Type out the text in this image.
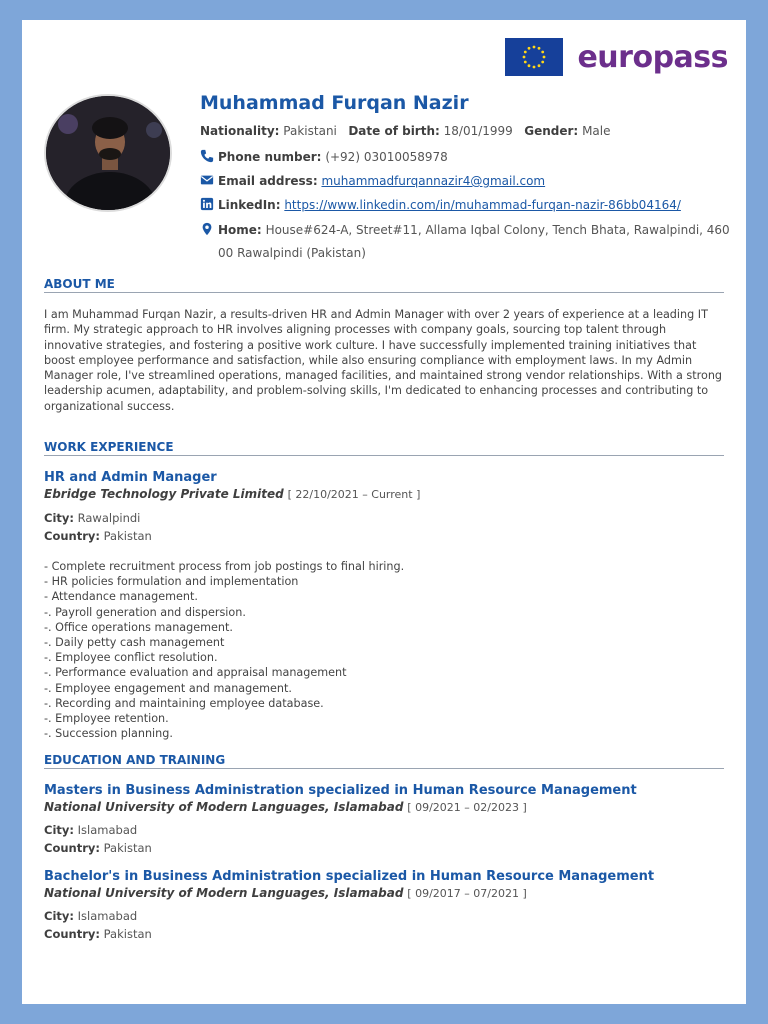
europass
Muhammad Furqan Nazir
Nationality: Pakistani Date of birth: 18/01/1999 Gender: Male
Phone number: (+92) 03010058978
Email address: muhammadfurqannazir4@gmail.com
LinkedIn: https://www.linkedin.com/in/muhammad-furqan-nazir-86bb04164/
Home: House#624-A, Street#11, Allama Iqbal Colony, Tench Bhata, Rawalpindi, 460
00 Rawalpindi (Pakistan)
ABOUT ME
I am Muhammad Furqan Nazir, a results-driven HR and Admin Manager with over 2 years of experience at a leading IT firm. My strategic approach to HR involves aligning processes with company goals, sourcing top talent through innovative strategies, and fostering a positive work culture. I have successfully implemented training initiatives that boost employee performance and satisfaction, while also ensuring compliance with employment laws. In my Admin Manager role, I've streamlined operations, managed facilities, and maintained strong vendor relationships. With a strong leadership acumen, adaptability, and problem-solving skills, I'm dedicated to enhancing processes and contributing to organizational success.
WORK EXPERIENCE
HR and Admin Manager
Ebridge Technology Private Limited [ 22/10/2021 – Current ]
City: Rawalpindi
Country: Pakistan
- Complete recruitment process from job postings to final hiring.
- HR policies formulation and implementation
- Attendance management.
-. Payroll generation and dispersion.
-. Office operations management.
-. Daily petty cash management
-. Employee conflict resolution.
-. Performance evaluation and appraisal management
-. Employee engagement and management.
-. Recording and maintaining employee database.
-. Employee retention.
-. Succession planning.
EDUCATION AND TRAINING
Masters in Business Administration specialized in Human Resource Management
National University of Modern Languages, Islamabad [ 09/2021 – 02/2023 ]
City: Islamabad
Country: Pakistan
Bachelor's in Business Administration specialized in Human Resource Management
National University of Modern Languages, Islamabad [ 09/2017 – 07/2021 ]
City: Islamabad
Country: Pakistan
